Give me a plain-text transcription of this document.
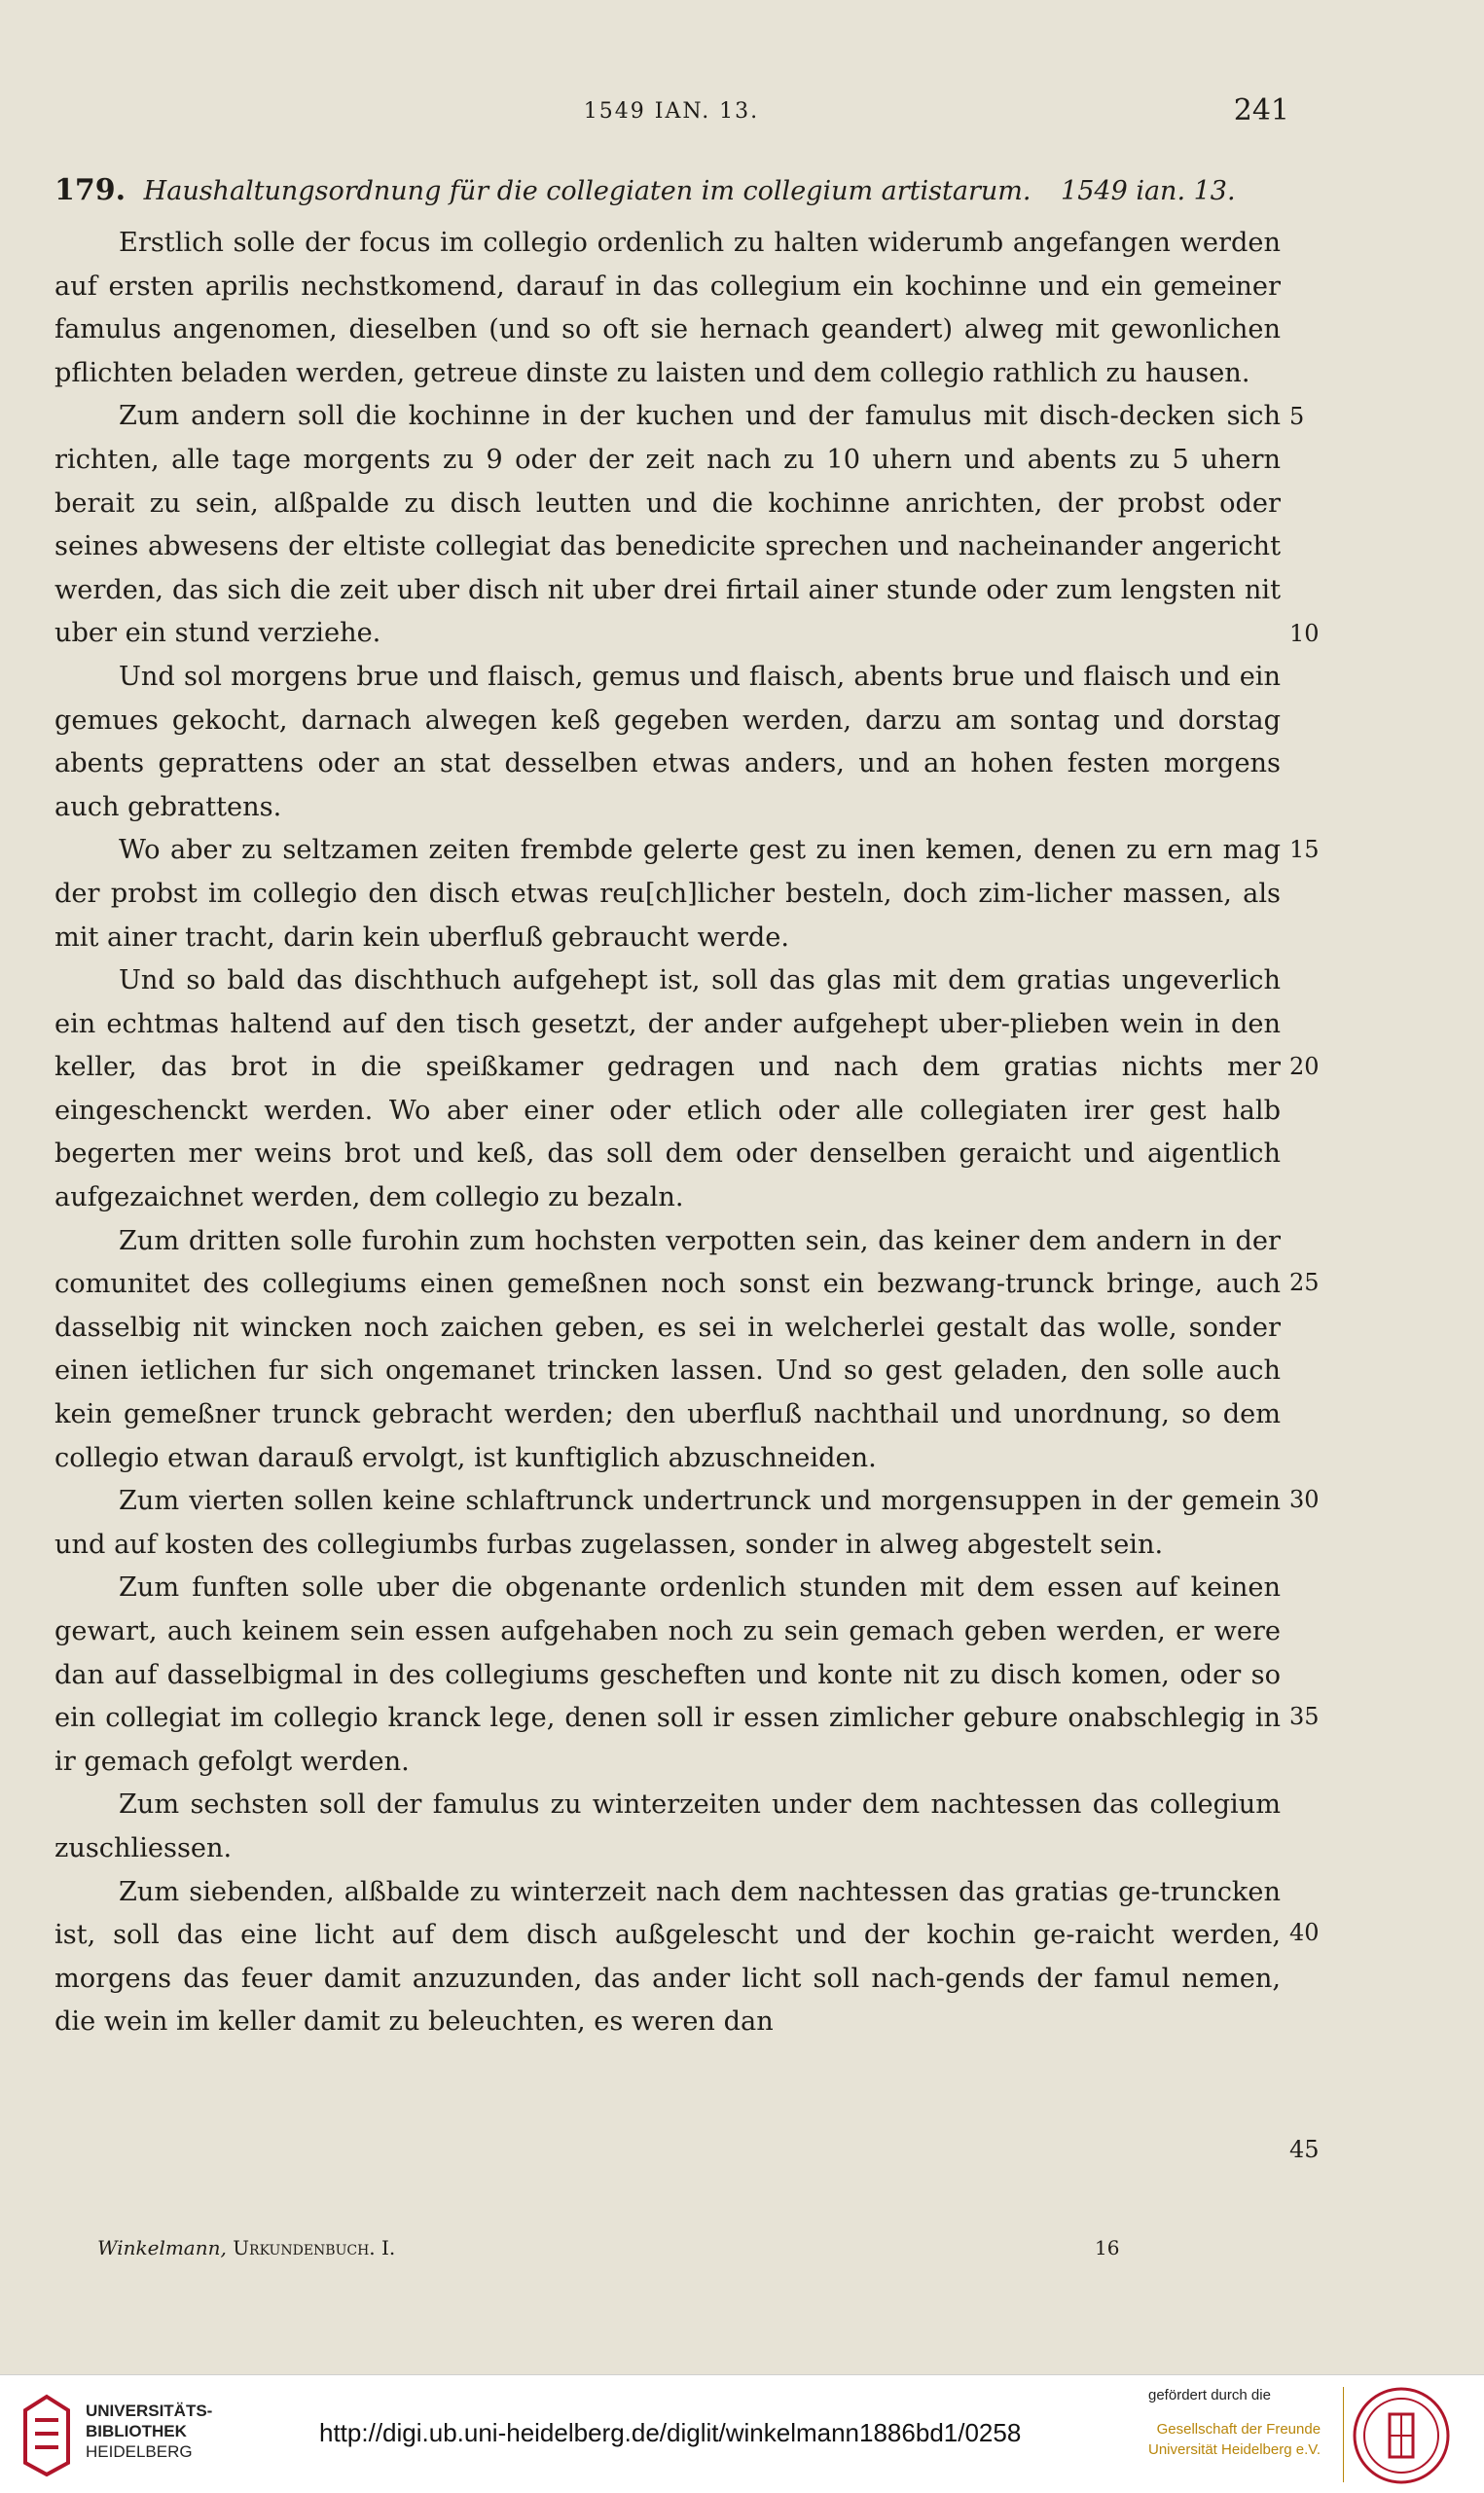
1549 IAN. 13.	241
179. Haushaltungsordnung für die collegiaten im collegium artistarum. 1549 ian. 13.

Erstlich solle der focus im collegio ordenlich zu halten widerumb angefangen werden auf ersten aprilis nechstkomend, darauf in das collegium ein kochinne und ein gemeiner famulus angenomen, dieselben (und so oft sie hernach geandert) alweg mit gewonlichen pflichten beladen werden, getreue dinste zu laisten und dem collegio rathlich zu hausen.

Zum andern soll die kochinne in der kuchen und der famulus mit disch-decken sich richten, alle tage morgents zu 9 oder der zeit nach zu 10 uhern und abents zu 5 uhern berait zu sein, alßpalde zu disch leutten und die kochinne anrichten, der probst oder seines abwesens der eltiste collegiat das benedicite sprechen und nacheinander angericht werden, das sich die zeit uber disch nit uber drei firtail ainer stunde oder zum lengsten nit uber ein stund verziehe.

Und sol morgens brue und flaisch, gemus und flaisch, abents brue und flaisch und ein gemues gekocht, darnach alwegen keß gegeben werden, darzu am sontag und dorstag abents geprattens oder an stat desselben etwas anders, und an hohen festen morgens auch gebrattens.

Wo aber zu seltzamen zeiten frembde gelerte gest zu inen kemen, denen zu ern mag der probst im collegio den disch etwas reu[ch]licher besteln, doch zim-licher massen, als mit ainer tracht, darin kein uberfluß gebraucht werde.

Und so bald das dischthuch aufgehept ist, soll das glas mit dem gratias ungeverlich ein echtmas haltend auf den tisch gesetzt, der ander aufgehept uber-plieben wein in den keller, das brot in die speißkamer gedragen und nach dem gratias nichts mer eingeschenckt werden. Wo aber einer oder etlich oder alle collegiaten irer gest halb begerten mer weins brot und keß, das soll dem oder denselben geraicht und aigentlich aufgezaichnet werden, dem collegio zu bezaln.

Zum dritten solle furohin zum hochsten verpotten sein, das keiner dem andern in der comunitet des collegiums einen gemeßnen noch sonst ein bezwang-trunck bringe, auch dasselbig nit wincken noch zaichen geben, es sei in welcherlei gestalt das wolle, sonder einen ietlichen fur sich ongemanet trincken lassen. Und so gest geladen, den solle auch kein gemeßner trunck gebracht werden; den uberfluß nachthail und unordnung, so dem collegio etwan darauß ervolgt, ist kunftiglich abzuschneiden.

Zum vierten sollen keine schlaftrunck undertrunck und morgensuppen in der gemein und auf kosten des collegiumbs furbas zugelassen, sonder in alweg abgestelt sein.

Zum funften solle uber die obgenante ordenlich stunden mit dem essen auf keinen gewart, auch keinem sein essen aufgehaben noch zu sein gemach geben werden, er were dan auf dasselbigmal in des collegiums gescheften und konte nit zu disch komen, oder so ein collegiat im collegio kranck lege, denen soll ir essen zimlicher gebure onabschlegig in ir gemach gefolgt werden.

Zum sechsten soll der famulus zu winterzeiten under dem nachtessen das collegium zuschliessen.

Zum siebenden, alßbalde zu winterzeit nach dem nachtessen das gratias ge-truncken ist, soll das eine licht auf dem disch außgelescht und der kochin ge-raicht werden, morgens das feuer damit anzuzunden, das ander licht soll nach-gends der famul nemen, die wein im keller damit zu beleuchten, es weren dan

5
10
15
20
25
30
35
40
45
Winkelmann, Urkundenbuch. I.	16
UNIVERSITÄTS-
BIBLIOTHEK
HEIDELBERG
http://digi.ub.uni-heidelberg.de/diglit/winkelmann1886bd1/0258
gefördert durch die
Gesellschaft der Freunde
Universität Heidelberg e.V.
